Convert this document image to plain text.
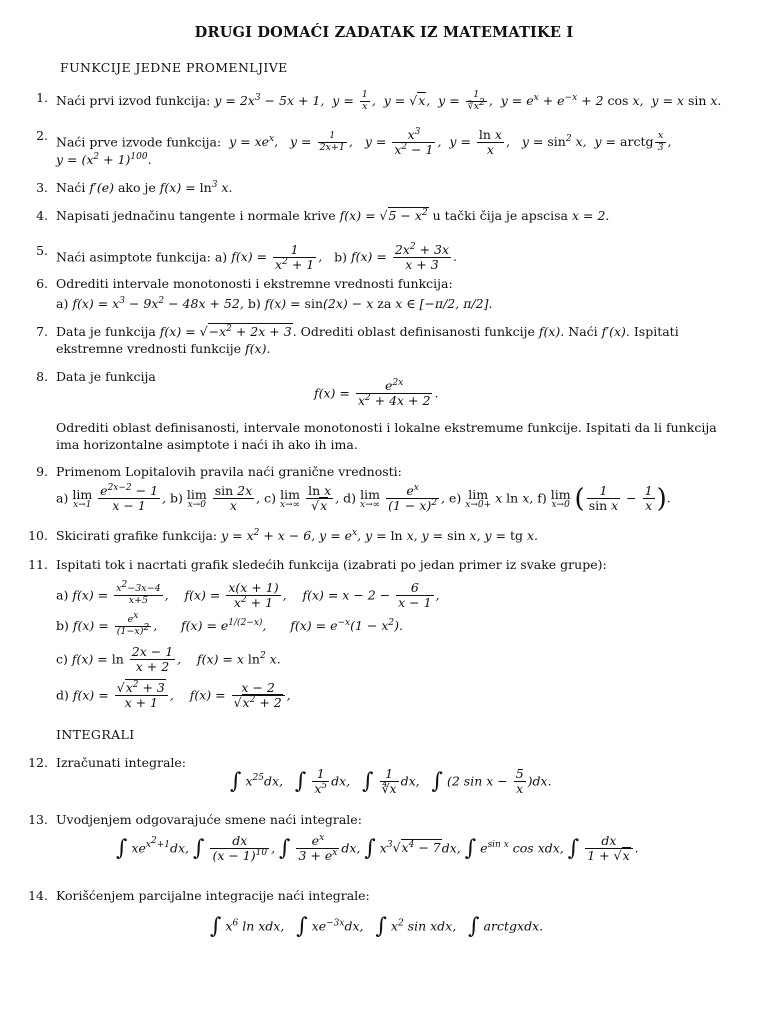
DRUGI DOMAĆI ZADATAK IZ MATEMATIKE I
FUNKCIJE JEDNE PROMENLJIVE
1. Naći prvi izvod funkcija: $y = 2x^3 - 5x + 1$,  $y = \frac{1}{x}$ ,  y = √x,  $y = \frac{1}{∛x^2}$ ,  $y = e^x + e^{-x} + 2$ cos x,  y = x sin x.
2. Naći prve izvode funkcija:  $y = xe^x$,   $y = \frac{1}{2x+1}$ ,   $y = \frac{x^3}{x^2 - 1}$ ,  $y = \frac{\text{ln x}}{x}$ ,   $y = \sin^2 x$,  y = arctg $\frac{x}{3}$ ,
$y = (x^2 + 1)^{100}$.
3. Naći f′(e) ako je $f(x) = \ln^3 x$.
4. Napisati jednačinu tangente i normale krive $f(x) = √5 - x^2$ u tački čija je apscisa x = 2.
5. Naći asimptote funkcija: a) $f(x) = \frac{1}{x^2 + 1}$ , b) $f(x) = \frac{2x^2 + 3x}{x + 3}$ .
6. Odrediti intervale monotonosti i ekstremne vrednosti funkcija:
a) $f(x) = x^3 - 9x^2 - 48x + 52$, b) f(x) = sin(2x) − x za x ∈ [−π/2, π/2].
7. Data je funkcija $f(x) = √-x^2 + 2x + 3$. Odrediti oblast definisanosti funkcije f(x). Naći f′(x). Ispitati
ekstremne vrednosti funkcije f(x).
8. Data je funkcija
$f(x) = \frac{e^{2x}}{x^2 + 4x + 2}$ .
Odrediti oblast definisanosti, intervale monotonosti i lokalne ekstremume funkcije. Ispitati da li funkcija
ima horizontalne asimptote i naći ih ako ih ima.
9. Primenom Lopitalovih pravila naći granične vrednosti:
a) lim
x→1
$\frac{e^{2x-2} - 1}{x - 1}$ , b) lim
x→0
$\frac{\sin 2x}{x}$ , c) lim
x→∞
$\frac{\text{ln x}}{√x}$ , d) lim
x→∞
$\frac{e^x}{(1 - x)^2}$ , e) lim
x→0+ x ln x, f) lim
x→0 ( $\frac{1}{\text{sin x}} - \frac{1}{x}$ ).
10. Skicirati grafike funkcija: $y = x^2 + x - 6$, $y = e^x$, y = ln x, y = sin x, y = tg x.
11. Ispitati tok i nacrtati grafik sledećih funkcija (izabrati po jedan primer iz svake grupe):
a) $f(x) = \frac{x^2-3x-4}{x+5}$ ,    $f(x) = \frac{x(x + 1)}{x^2 + 1}$ ,    $f(x) = x - 2 - \frac{6}{x - 1}$ ,
b) $f(x) = \frac{e^x}{(1-x)^2}$ ,      $f(x) = e^{1/(2-x)}$,      $f(x) = e^{-x}(1 - x^2)$.
c) $f(x) = \ln \frac{2x - 1}{x + 2}$ ,    f(x) = x $\ln^2 x$.
d) $f(x) = \frac{√x^2 + 3}{x + 1}$ ,    $f(x) = \frac{x - 2}{√x^2 + 2}$ ,
INTEGRALI
12. Izračunati integrale:
∫ $x^{25}dx$,   ∫ $\frac{1}{x^5}$ dx,   ∫ $\frac{1}{∜x}$ dx,   ∫ (2 $\sin x - \frac{5}{x} )dx$.
13. Uvodjenjem odgovarajuće smene naći integrale:
∫ $xe^{x^2+1}dx$, ∫ $\frac{dx}{(x - 1)^{10}}$ , ∫ $\frac{e^x}{3 + e^x}$ dx, ∫ $x^3√x^4 - 7dx$, ∫ $e^{sin x}$ cos xdx, ∫ $\frac{dx}{1 + √x}$ .
14. Korišćenjem parcijalne integracije naći integrale:
∫ $x^6$ ln xdx,   ∫ $xe^{-3x}dx$,   ∫ $x^2$ sin xdx,   ∫ arctgxdx.
